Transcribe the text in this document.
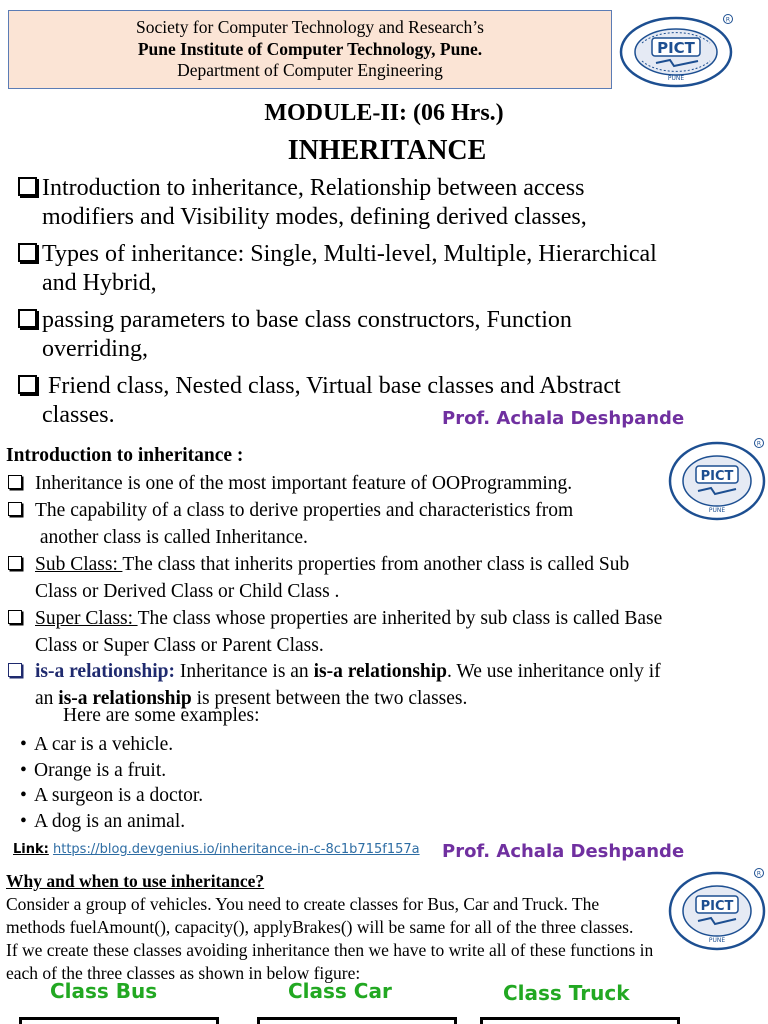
Society for Computer Technology and Research’s
Pune Institute of Computer Technology, Pune.
Department of Computer Engineering
PICT
PUNE
R
MODULE-II: (06 Hrs.)
INHERITANCE
Introduction to inheritance, Relationship between access
modifiers and Visibility modes, defining derived classes,
Types of inheritance: Single, Multi-level, Multiple, Hierarchical
and Hybrid,
passing parameters to base class constructors, Function
overriding,
Friend class, Nested class, Virtual base classes and Abstract
classes.	Prof. Achala Deshpande
Introduction to inheritance :
PICT
PUNE
R
Inheritance is one of the most important feature of OOProgramming.
The capability of a class to derive properties and characteristics from
another class is called Inheritance.
Sub Class: The class that inherits properties from another class is called Sub
Class or Derived Class or Child Class .
Super Class: The class whose properties are inherited by sub class is called Base
Class or Super Class or Parent Class.
is-a relationship: Inheritance is an is-a relationship. We use inheritance only if
an is-a relationship is present between the two classes.
Here are some examples:
• A car is a vehicle.
• Orange is a fruit.
• A surgeon is a doctor.
• A dog is an animal.
Link: https://blog.devgenius.io/inheritance-in-c-8c1b715f157a Prof. Achala Deshpande
Why and when to use inheritance?
PICT
PUNE
R
Consider a group of vehicles. You need to create classes for Bus, Car and Truck. The
methods fuelAmount(), capacity(), applyBrakes() will be same for all of the three classes.
If we create these classes avoiding inheritance then we have to write all of these functions in
each of the three classes as shown in below figure:
Class Bus	Class Car	Class Truck
